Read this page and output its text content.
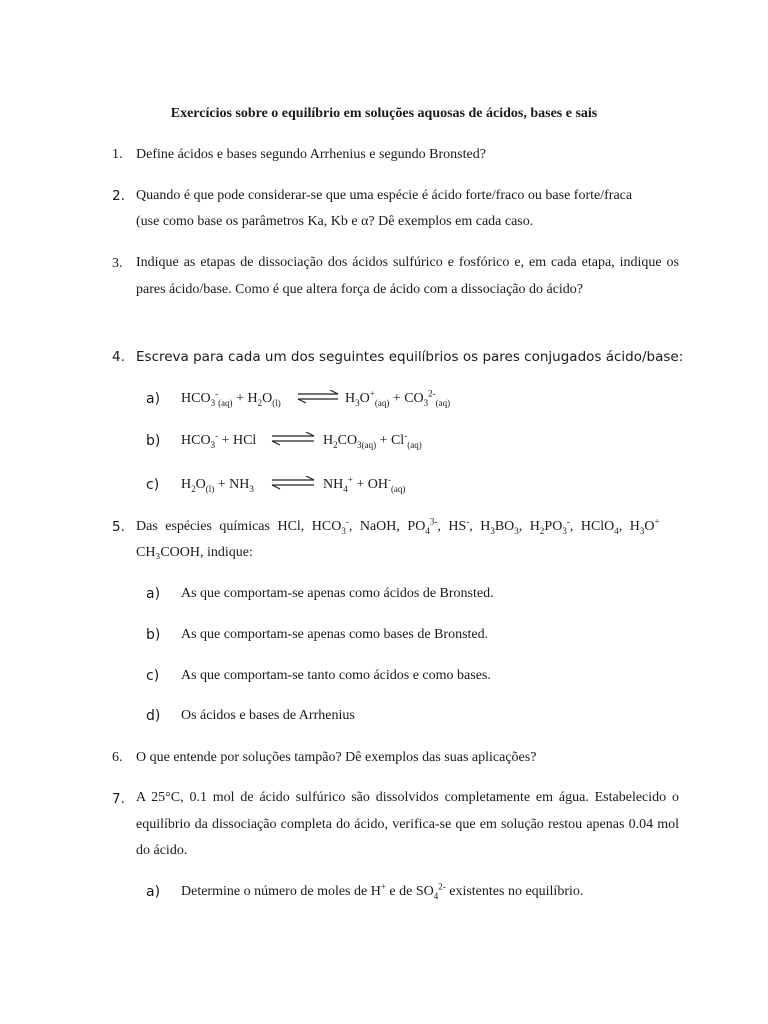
Exercícios sobre o equilíbrio em soluções aquosas de ácidos, bases e sais
1. Define ácidos e bases segundo Arrhenius e segundo Bronsted?
2. Quando é que pode considerar-se que uma espécie é ácido forte/fraco ou base forte/fraca
(use como base os parâmetros Ka, Kb e α? Dê exemplos em cada caso.
3. Indique as etapas de dissociação dos ácidos sulfúrico e fosfórico e, em cada etapa, indique os pares ácido/base. Como é que altera força de ácido com a dissociação do ácido?
4. Escreva para cada um dos seguintes equilíbrios os pares conjugados ácido/base:
a) $HCO_3^-_{(aq)} + H_2O_{(l)}$ ⇌ $H_3O^+_{(aq)} + CO_3^{2-}_{(aq)}$
b) $HCO_3^-$ + HCl ⇌ $H_2CO_{3(aq)} + Cl^-_{(aq)}$
c) $H_2O_{(l)} + NH_3$ ⇌ $NH_4^+ + OH^-_{(aq)}$
5. Das espécies químicas HCl, $HCO_3^-$, NaOH, $PO_4^{3-}$, HS-, $H_3BO_3$, $H_2PO_3^-$, HClO$_4$, $H_3O^+$
CH₃COOH, indique:
a) As que comportam-se apenas como ácidos de Bronsted.
b) As que comportam-se apenas como bases de Bronsted.
c) As que comportam-se tanto como ácidos e como bases.
d) Os ácidos e bases de Arrhenius
6. O que entende por soluções tampão? Dê exemplos das suas aplicações?
7. A 25°C, 0.1 mol de ácido sulfúrico são dissolvidos completamente em água. Estabelecido o equilíbrio da dissociação completa do ácido, verifica-se que em solução restou apenas 0.04 mol do ácido.
a) Determine o número de moles de H+ e de $SO_4^{2-}$ existentes no equilíbrio.
